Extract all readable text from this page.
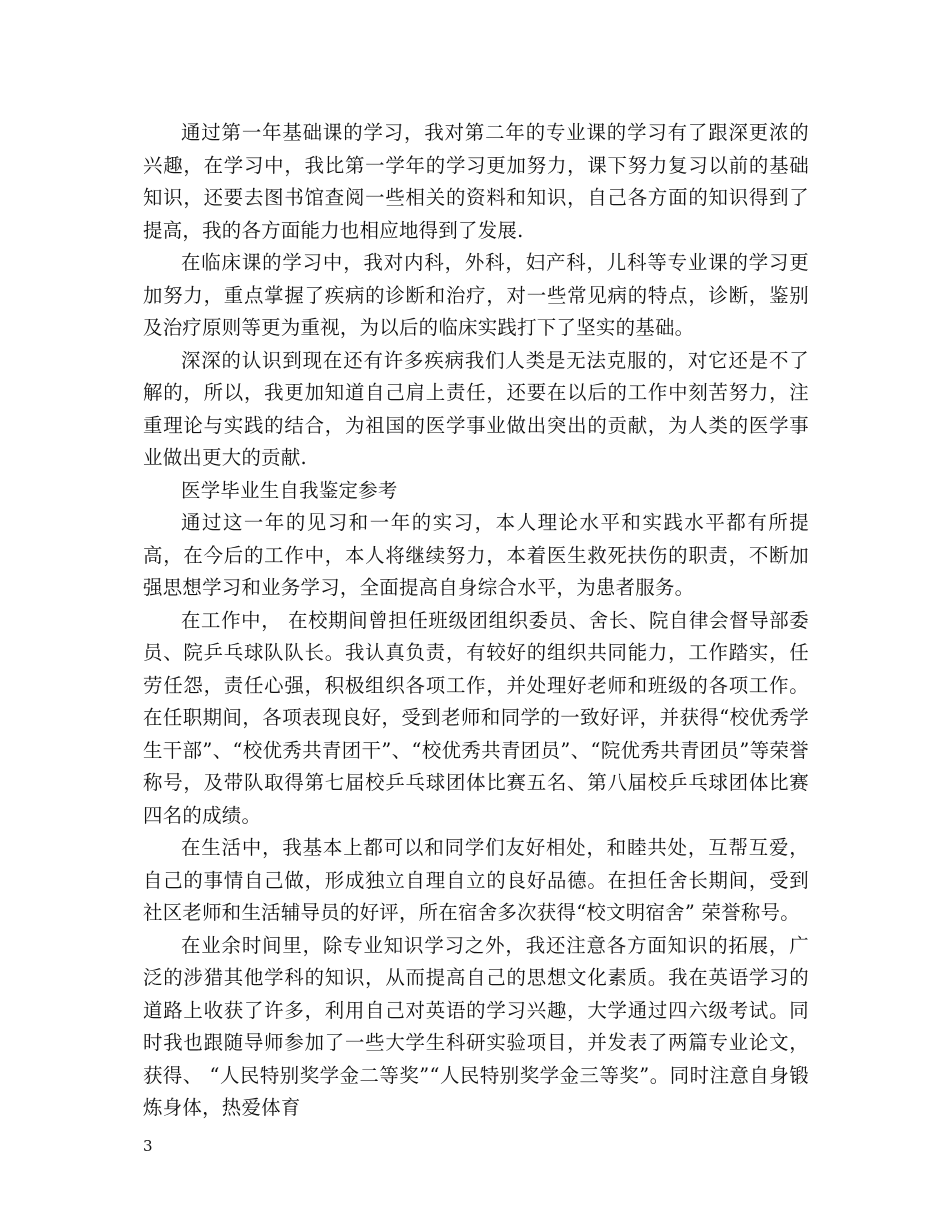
通过第一年基础课的学习，我对第二年的专业课的学习有了跟深更浓的兴趣，在学习中，我比第一学年的学习更加努力，课下努力复习以前的基础知识，还要去图书馆查阅一些相关的资料和知识，自己各方面的知识得到了提高，我的各方面能力也相应地得到了发展.

在临床课的学习中，我对内科，外科，妇产科，儿科等专业课的学习更加努力，重点掌握了疾病的诊断和治疗，对一些常见病的特点，诊断，鉴别及治疗原则等更为重视，为以后的临床实践打下了坚实的基础。

深深的认识到现在还有许多疾病我们人类是无法克服的，对它还是不了解的，所以，我更加知道自己肩上责任，还要在以后的工作中刻苦努力，注重理论与实践的结合，为祖国的医学事业做出突出的贡献，为人类的医学事业做出更大的贡献.

医学毕业生自我鉴定参考

通过这一年的见习和一年的实习，本人理论水平和实践水平都有所提高，在今后的工作中，本人将继续努力，本着医生救死扶伤的职责，不断加强思想学习和业务学习，全面提高自身综合水平，为患者服务。

在工作中， 在校期间曾担任班级团组织委员、舍长、院自律会督导部委员、院乒乓球队队长。我认真负责，有较好的组织共同能力，工作踏实，任劳任怨，责任心强，积极组织各项工作，并处理好老师和班级的各项工作。在任职期间，各项表现良好，受到老师和同学的一致好评，并获得“校优秀学生干部”、“校优秀共青团干”、“校优秀共青团员”、“院优秀共青团员”等荣誉称号，及带队取得第七届校乒乓球团体比赛五名、第八届校乒乓球团体比赛四名的成绩。

在生活中，我基本上都可以和同学们友好相处，和睦共处，互帮互爱，自己的事情自己做，形成独立自理自立的良好品德。在担任舍长期间，受到社区老师和生活辅导员的好评，所在宿舍多次获得“校文明宿舍” 荣誉称号。

在业余时间里，除专业知识学习之外，我还注意各方面知识的拓展，广泛的涉猎其他学科的知识，从而提高自己的思想文化素质。我在英语学习的道路上收获了许多，利用自己对英语的学习兴趣，大学通过四六级考试。同时我也跟随导师参加了一些大学生科研实验项目，并发表了两篇专业论文，获得、 “人民特别奖学金二等奖”“人民特别奖学金三等奖”。同时注意自身锻炼身体，热爱体育

3
